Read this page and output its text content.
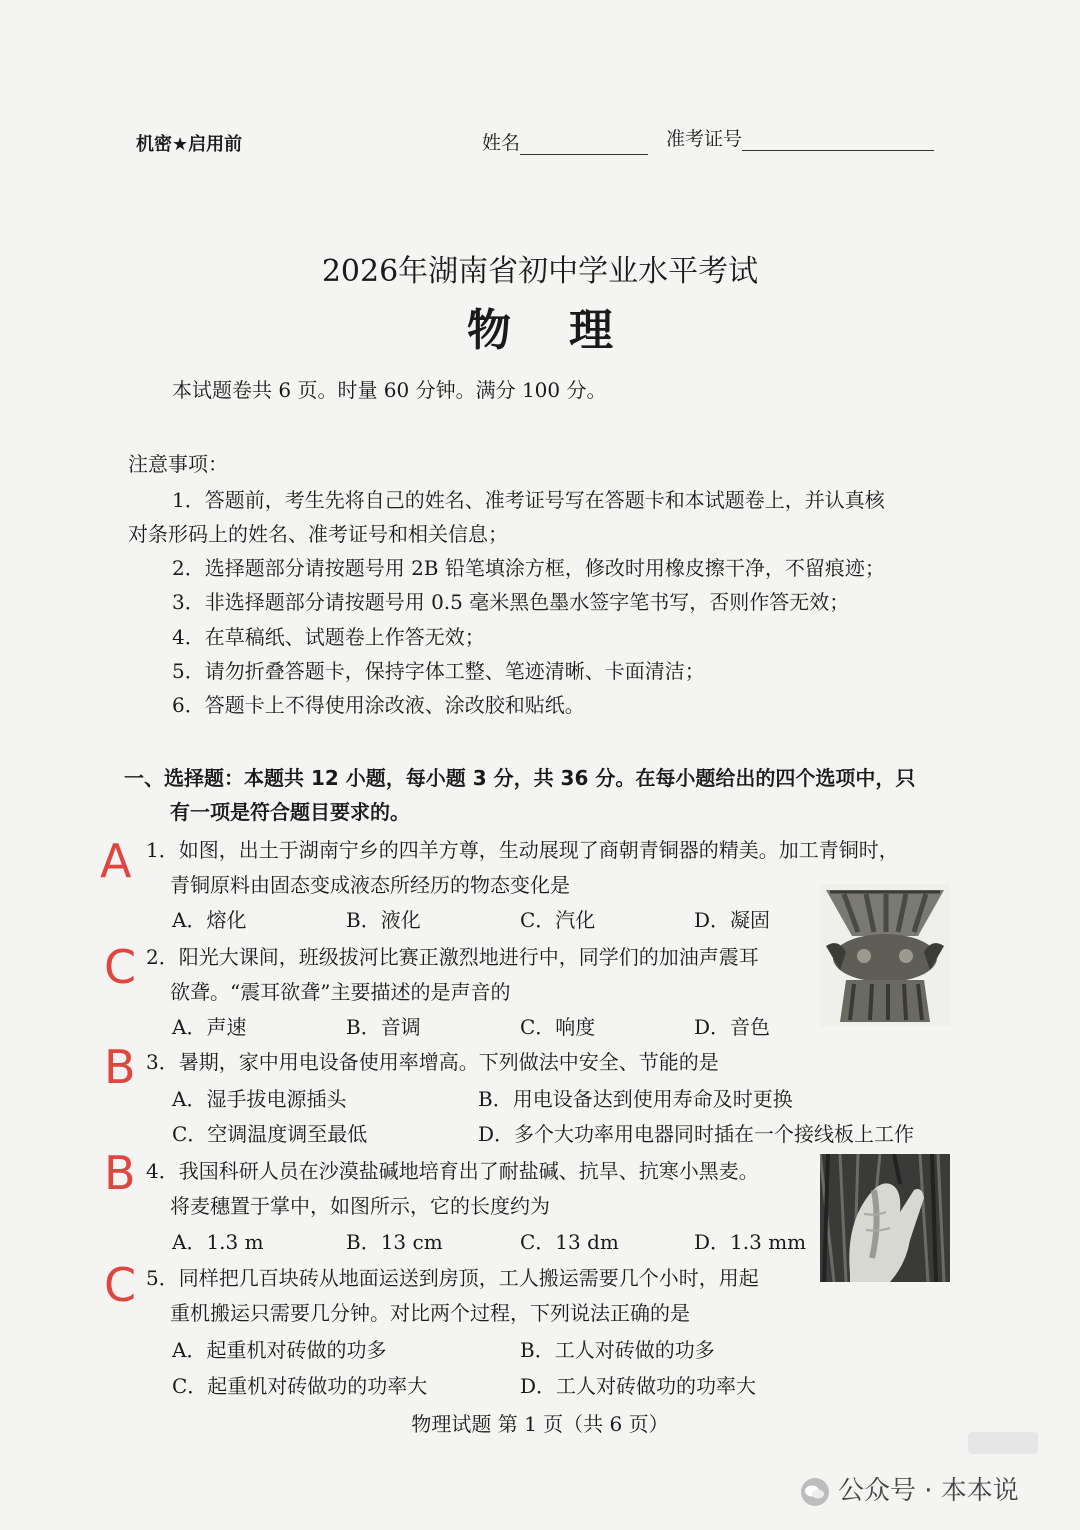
机密★启用前	姓名	准考证号
2026年湖南省初中学业水平考试
物理
本试题卷共 6 页。时量 60 分钟。满分 100 分。
注意事项：
1．答题前，考生先将自己的姓名、准考证号写在答题卡和本试题卷上，并认真核
对条形码上的姓名、准考证号和相关信息；
2．选择题部分请按题号用 2B 铅笔填涂方框，修改时用橡皮擦干净，不留痕迹；
3．非选择题部分请按题号用 0.5 毫米黑色墨水签字笔书写，否则作答无效；
4．在草稿纸、试题卷上作答无效；
5．请勿折叠答题卡，保持字体工整、笔迹清晰、卡面清洁；
6．答题卡上不得使用涂改液、涂改胶和贴纸。
一、选择题：本题共 12 小题，每小题 3 分，共 36 分。在每小题给出的四个选项中，只
有一项是符合题目要求的。
A 1．如图，出土于湖南宁乡的四羊方尊，生动展现了商朝青铜器的精美。加工青铜时，
青铜原料由固态变成液态所经历的物态变化是
A．熔化	B．液化	C．汽化	D．凝固
C 2．阳光大课间，班级拔河比赛正激烈地进行中，同学们的加油声震耳
欲聋。“震耳欲聋”主要描述的是声音的
A．声速	B．音调	C．响度	D．音色
B 3．暑期，家中用电设备使用率增高。下列做法中安全、节能的是
A．湿手拔电源插头	B．用电设备达到使用寿命及时更换
C．空调温度调至最低	D．多个大功率用电器同时插在一个接线板上工作
B 4．我国科研人员在沙漠盐碱地培育出了耐盐碱、抗旱、抗寒小黑麦。
将麦穗置于掌中，如图所示，它的长度约为
A．1.3 m	B．13 cm	C．13 dm	D．1.3 mm
C 5．同样把几百块砖从地面运送到房顶，工人搬运需要几个小时，用起
重机搬运只需要几分钟。对比两个过程，下列说法正确的是
A．起重机对砖做的功多	B．工人对砖做的功多
C．起重机对砖做功的功率大	D．工人对砖做功的功率大
物理试题 第 1 页（共 6 页）
公众号 · 本本说
